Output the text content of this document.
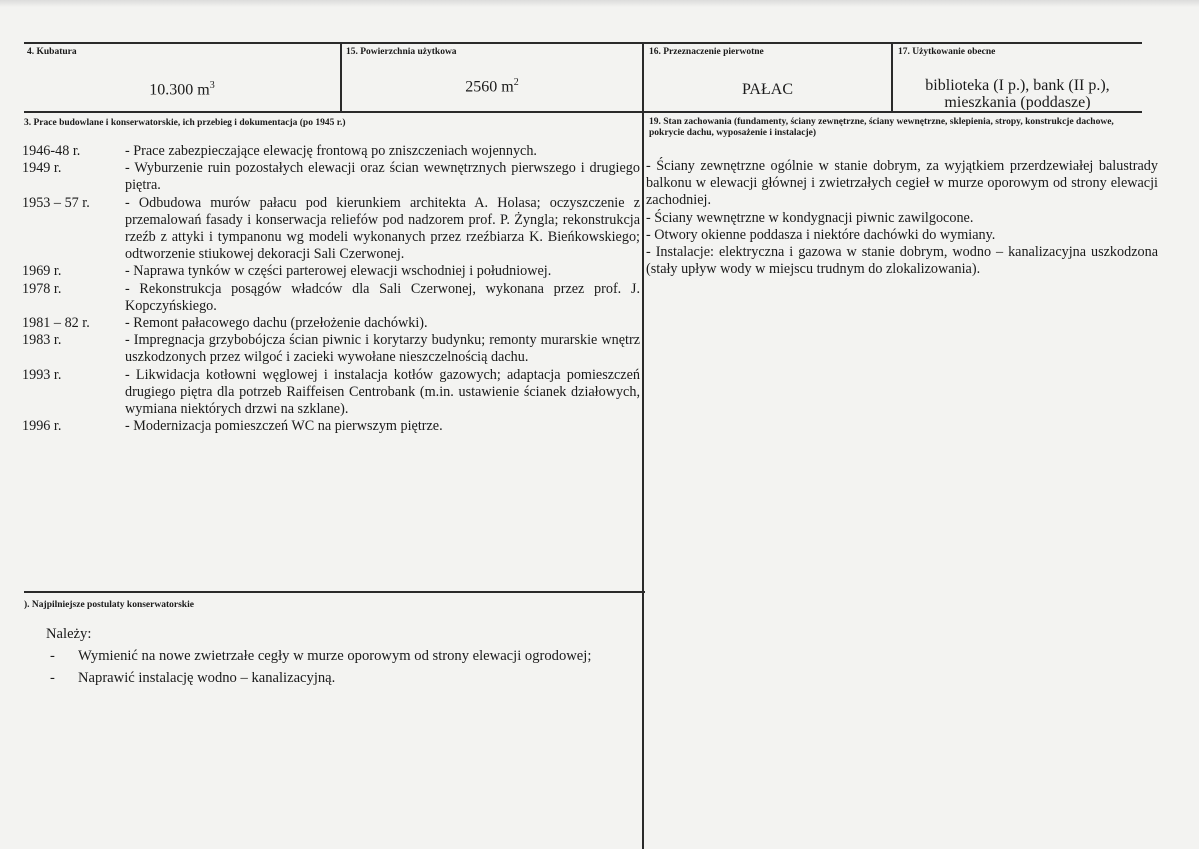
4. Kubatura
10.300 $m^3$
15. Powierzchnia użytkowa
2560 $m^2$
16. Przeznaczenie pierwotne
PAŁAC
17. Użytkowanie obecne
biblioteka (I p.), bank (II p.),
mieszkania (poddasze)
3. Prace budowlane i konserwatorskie, ich przebieg i dokumentacja (po 1945 r.)
1946-48 r.	- Prace zabezpieczające elewację frontową po zniszczeniach wojennych.
1949 r.	- Wyburzenie ruin pozostałych elewacji oraz ścian wewnętrznych pierwszego i drugiego piętra.
1953 – 57 r.	- Odbudowa murów pałacu pod kierunkiem architekta A. Holasa; oczyszczenie z przemalowań fasady i konserwacja reliefów pod nadzorem prof. P. Żyngla; rekonstrukcja rzeźb z attyki i tympanonu wg modeli wykonanych przez rzeźbiarza K. Bieńkowskiego; odtworzenie stiukowej dekoracji Sali Czerwonej.
1969 r.	- Naprawa tynków w części parterowej elewacji wschodniej i południowej.
1978 r.	- Rekonstrukcja posągów władców dla Sali Czerwonej, wykonana przez prof. J. Kopczyńskiego.
1981 – 82 r.	- Remont pałacowego dachu (przełożenie dachówki).
1983 r.	- Impregnacja grzybobójcza ścian piwnic i korytarzy budynku; remonty murarskie wnętrz uszkodzonych przez wilgoć i zacieki wywołane nieszczelnością dachu.
1993 r.	- Likwidacja kotłowni węglowej i instalacja kotłów gazowych; adaptacja pomieszczeń drugiego piętra dla potrzeb Raiffeisen Centrobank (m.in. ustawienie ścianek działowych, wymiana niektórych drzwi na szklane).
1996 r.	- Modernizacja pomieszczeń WC na pierwszym piętrze.
19. Stan zachowania (fundamenty, ściany zewnętrzne, ściany wewnętrzne, sklepienia, stropy, konstrukcje dachowe, pokrycie dachu, wyposażenie i instalacje)

- Ściany zewnętrzne ogólnie w stanie dobrym, za wyjątkiem przerdzewiałej balustrady balkonu w elewacji głównej i zwietrzałych cegieł w murze oporowym od strony elewacji zachodniej.

- Ściany wewnętrzne w kondygnacji piwnic zawilgocone.

- Otwory okienne poddasza i niektóre dachówki do wymiany.

- Instalacje: elektryczna i gazowa w stanie dobrym, wodno – kanalizacyjna uszkodzona (stały upływ wody w miejscu trudnym do zlokalizowania).

). Najpilniejsze postulaty konserwatorskie
Należy:
-	Wymienić na nowe zwietrzałe cegły w murze oporowym od strony elewacji ogrodowej;
-	Naprawić instalację wodno – kanalizacyjną.
